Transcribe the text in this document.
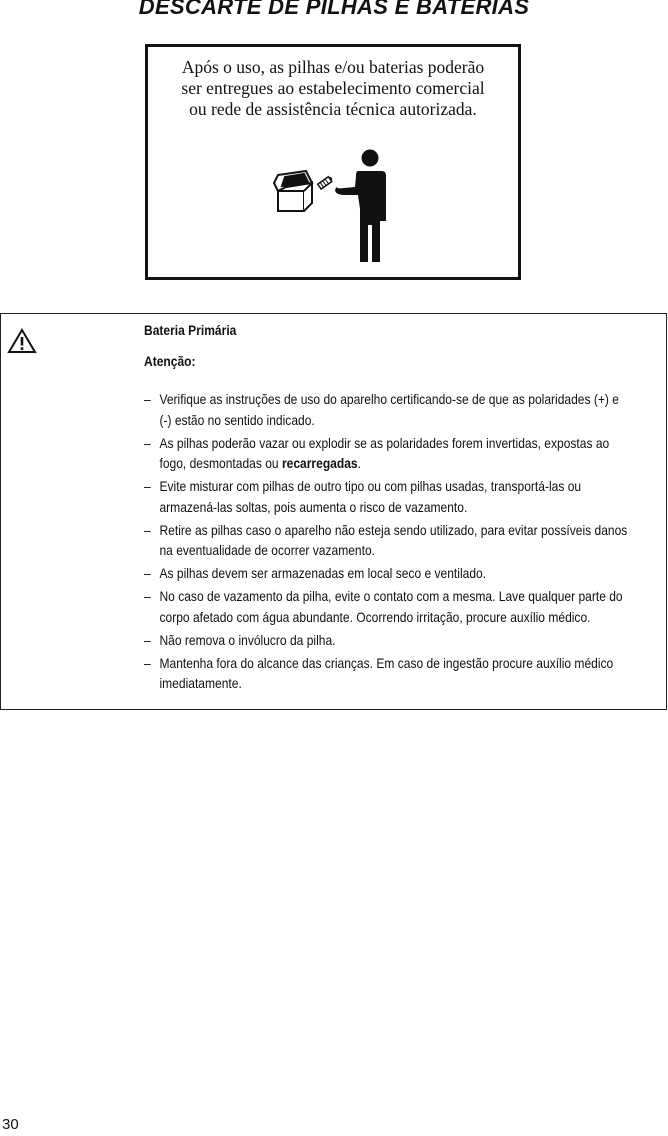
DESCARTE DE PILHAS E BATERIAS
Após o uso, as pilhas e/ou baterias poderão
ser entregues ao estabelecimento comercial
ou rede de assistência técnica autorizada.
Bateria Primária
Atenção:
– Verifique as instruções de uso do aparelho certificando-se de que as polaridades (+) e
(-) estão no sentido indicado.
– As pilhas poderão vazar ou explodir se as polaridades forem invertidas, expostas ao
fogo, desmontadas ou recarregadas.
– Evite misturar com pilhas de outro tipo ou com pilhas usadas, transportá-las ou
armazená-las soltas, pois aumenta o risco de vazamento.
– Retire as pilhas caso o aparelho não esteja sendo utilizado, para evitar possíveis danos
na eventualidade de ocorrer vazamento.
– As pilhas devem ser armazenadas em local seco e ventilado.
– No caso de vazamento da pilha, evite o contato com a mesma. Lave qualquer parte do
corpo afetado com água abundante. Ocorrendo irritação, procure auxílio médico.
– Não remova o invólucro da pilha.
– Mantenha fora do alcance das crianças. Em caso de ingestão procure auxílio médico
imediatamente.
30
